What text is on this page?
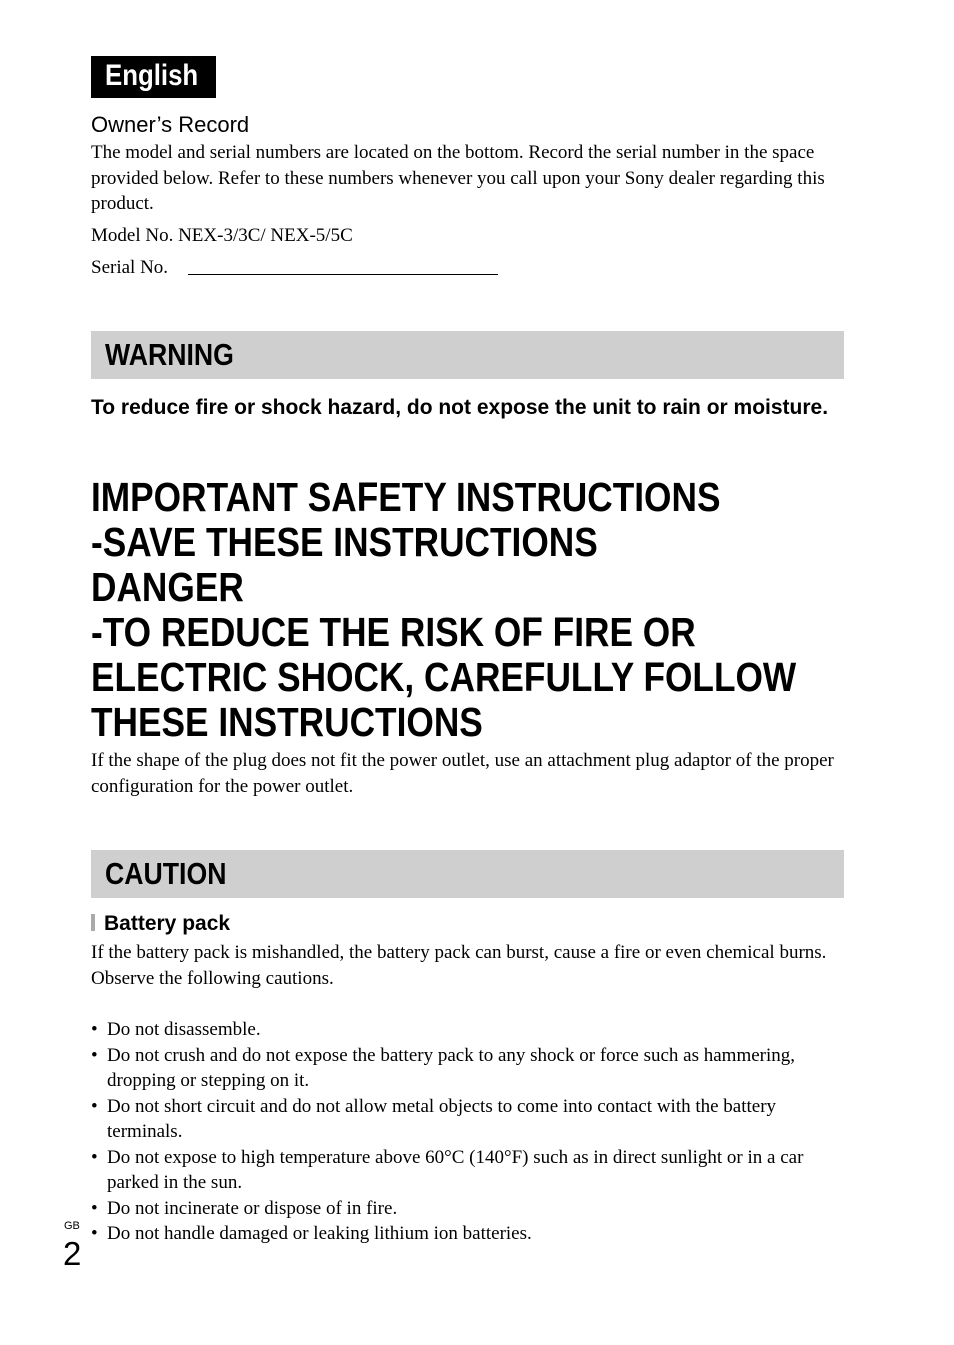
English
Owner’s Record
The model and serial numbers are located on the bottom. Record the serial number in the space provided below. Refer to these numbers whenever you call upon your Sony dealer regarding this product.
Model No. NEX-3/3C/ NEX-5/5C
Serial No.
WARNING
To reduce fire or shock hazard, do not expose the unit to rain or moisture.
IMPORTANT SAFETY INSTRUCTIONS
-SAVE THESE INSTRUCTIONS
DANGER
-TO REDUCE THE RISK OF FIRE OR
ELECTRIC SHOCK, CAREFULLY FOLLOW
THESE INSTRUCTIONS
If the shape of the plug does not fit the power outlet, use an attachment plug adaptor of the proper configuration for the power outlet.
CAUTION
Battery pack
If the battery pack is mishandled, the battery pack can burst, cause a fire or even chemical burns. Observe the following cautions.
• Do not disassemble.
• Do not crush and do not expose the battery pack to any shock or force such as hammering, dropping or stepping on it.
• Do not short circuit and do not allow metal objects to come into contact with the battery terminals.
• Do not expose to high temperature above 60°C (140°F) such as in direct sunlight or in a car parked in the sun.
• Do not incinerate or dispose of in fire.
• Do not handle damaged or leaking lithium ion batteries.
GB
2
